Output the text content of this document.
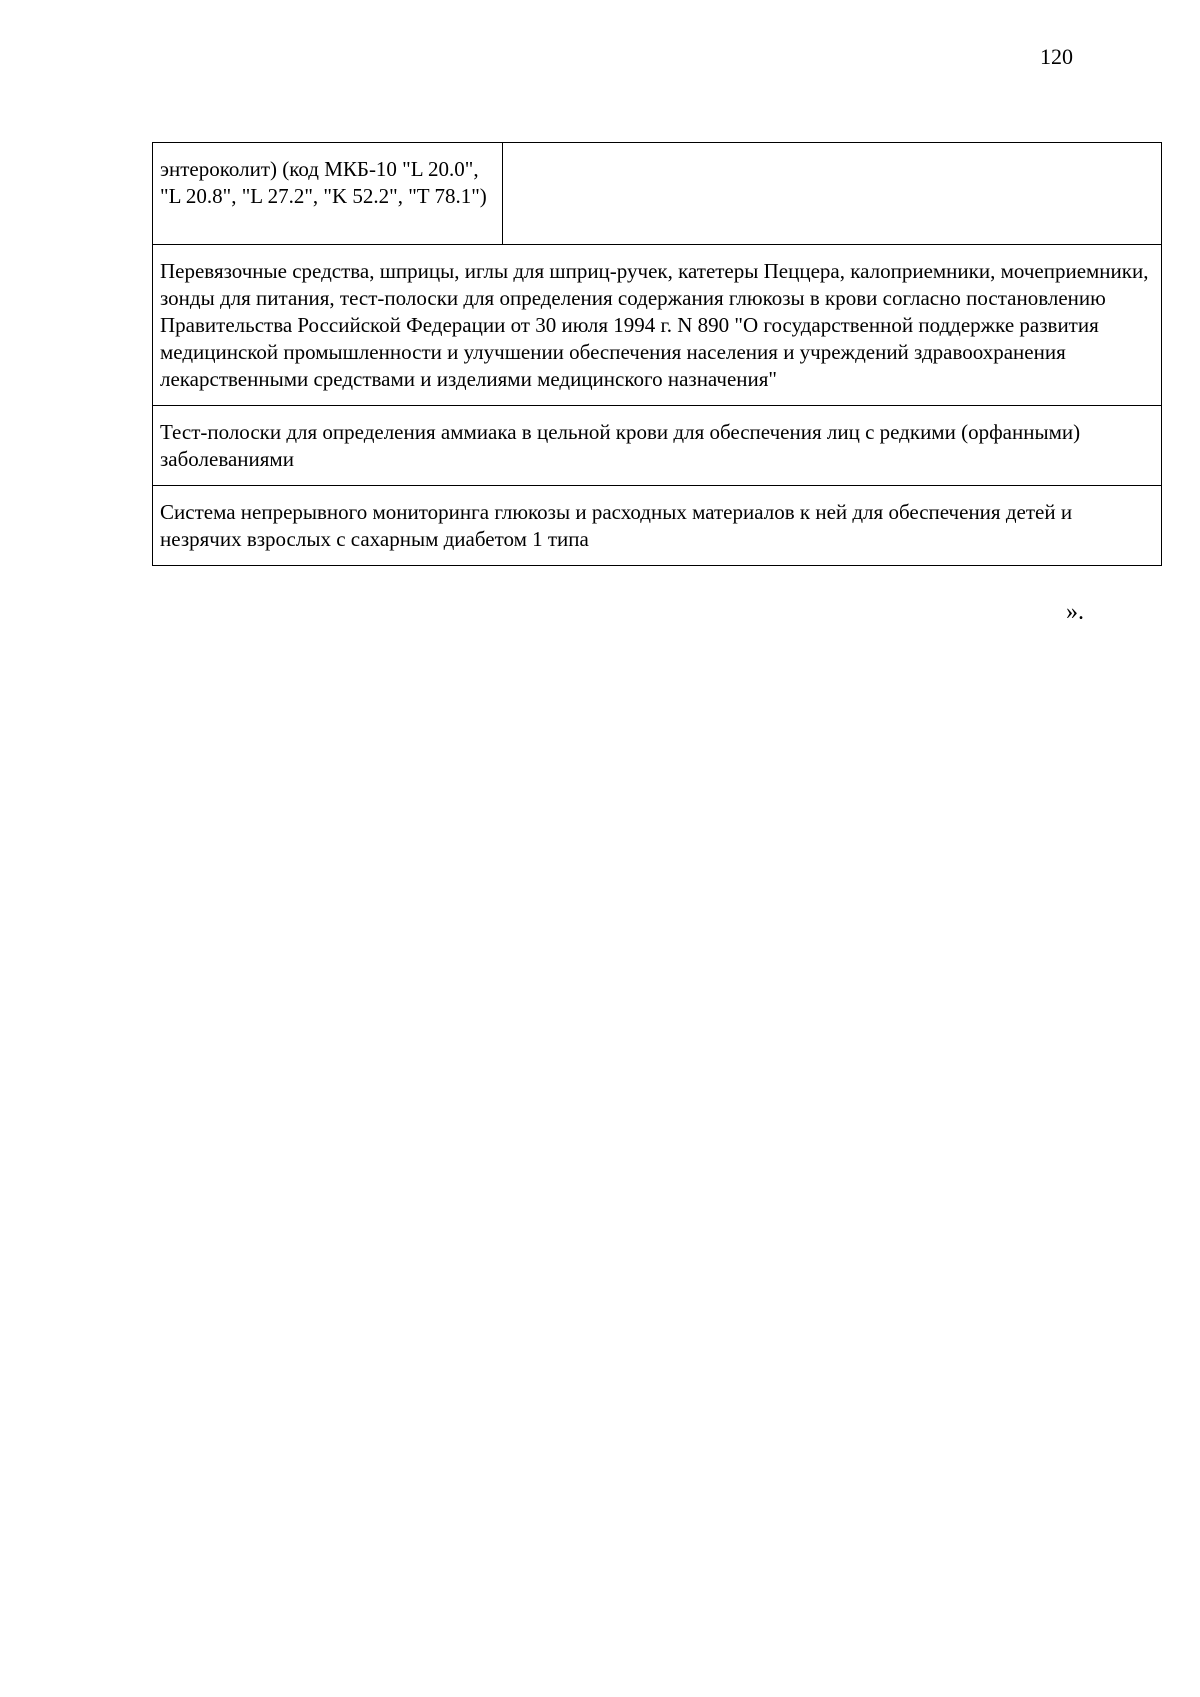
120
энтероколит) (код МКБ-10 "L 20.0", "L 20.8", "L 27.2", "K 52.2", "T 78.1")

Перевязочные средства, шприцы, иглы для шприц-ручек, катетеры Пеццера, калоприемники, мочеприемники, зонды для питания, тест-полоски для определения содержания глюкозы в крови согласно постановлению Правительства Российской Федерации от 30 июля 1994 г. N 890 "О государственной поддержке развития медицинской промышленности и улучшении обеспечения населения и учреждений здравоохранения лекарственными средствами и изделиями медицинского назначения"

Тест-полоски для определения аммиака в цельной крови для обеспечения лиц с редкими (орфанными) заболеваниями

Система непрерывного мониторинга глюкозы и расходных материалов к ней для обеспечения детей и незрячих взрослых с сахарным диабетом 1 типа
».
